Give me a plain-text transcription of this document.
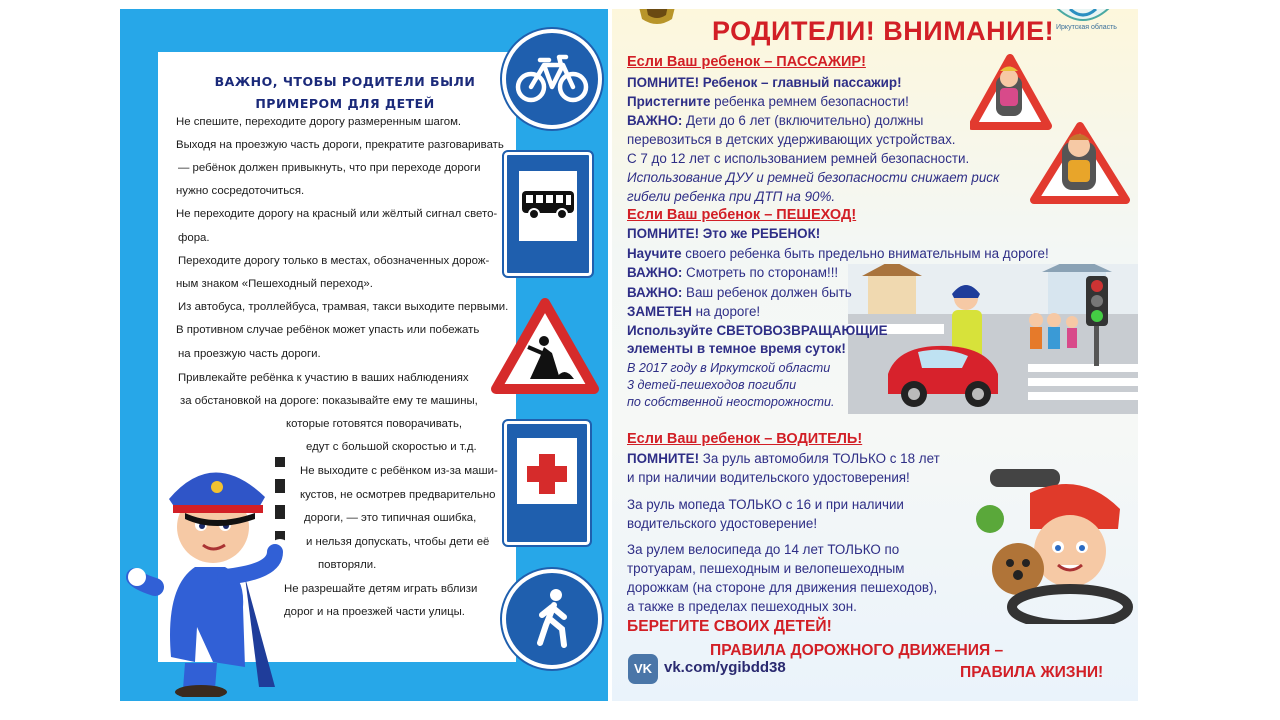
ВАЖНО, ЧТОБЫ РОДИТЕЛИ БЫЛИ
ПРИМЕРОМ ДЛЯ ДЕТЕЙ
Не спешите, переходите дорогу размеренным шагом.
Выходя на проезжую часть дороги, прекратите разговаривать
— ребёнок должен привыкнуть, что при переходе дороги
нужно сосредоточиться.
Не переходите дорогу на красный или жёлтый сигнал свето-
фора.
Переходите дорогу только в местах, обозначенных дорож-
ным знаком «Пешеходный переход».
Из автобуса, троллейбуса, трамвая, такси выходите первыми.
В противном случае ребёнок может упасть или побежать
на проезжую часть дороги.
Привлекайте ребёнка к участию в ваших наблюдениях
за обстановкой на дороге: показывайте ему те машины,
которые готовятся поворачивать,
едут с большой скоростью и т.д.
Не выходите с ребёнком из-за маши-
кустов, не осмотрев предварительно
дороги, — это типичная ошибка,
и нельзя допускать, чтобы дети её
повторяли.
Не разрешайте детям играть вблизи
дорог и на проезжей части улицы.
Иркутская область
РОДИТЕЛИ! ВНИМАНИЕ!
Если Ваш ребенок – ПАССАЖИР!
ПОМНИТЕ! Ребенок – главный пассажир!
Пристегните ребенка ремнем безопасности!
ВАЖНО: Дети до 6 лет (включительно) должны
перевозиться в детских удерживающих устройствах.
С 7 до 12 лет с использованием ремней безопасности.
Использование ДУУ и ремней безопасности снижает риск
гибели ребенка при ДТП на 90%.
Если Ваш ребенок – ПЕШЕХОД!
ПОМНИТЕ! Это же РЕБЕНОК!
Научите своего ребенка быть предельно внимательным на дороге!
ВАЖНО: Смотреть по сторонам!!!
ВАЖНО: Ваш ребенок должен быть
ЗАМЕТЕН на дороге!
Используйте СВЕТОВОЗВРАЩАЮЩИЕ
элементы в темное время суток!
В 2017 году в Иркутской области
3 детей-пешеходов погибли
по собственной неосторожности.
Если Ваш ребенок – ВОДИТЕЛЬ!
ПОМНИТЕ! За руль автомобиля ТОЛЬКО с 18 лет
и при наличии водительского удостоверения!
За руль мопеда ТОЛЬКО с 16 и при наличии
водительского удостоверение!
За рулем велосипеда до 14 лет ТОЛЬКО по
тротуарам, пешеходным и велопешеходным
дорожкам (на стороне для движения пешеходов),
а также в пределах пешеходных зон.
БЕРЕГИТЕ СВОИХ ДЕТЕЙ!
ПРАВИЛА ДОРОЖНОГО ДВИЖЕНИЯ –
ПРАВИЛА ЖИЗНИ!
VK vk.com/ygibdd38
